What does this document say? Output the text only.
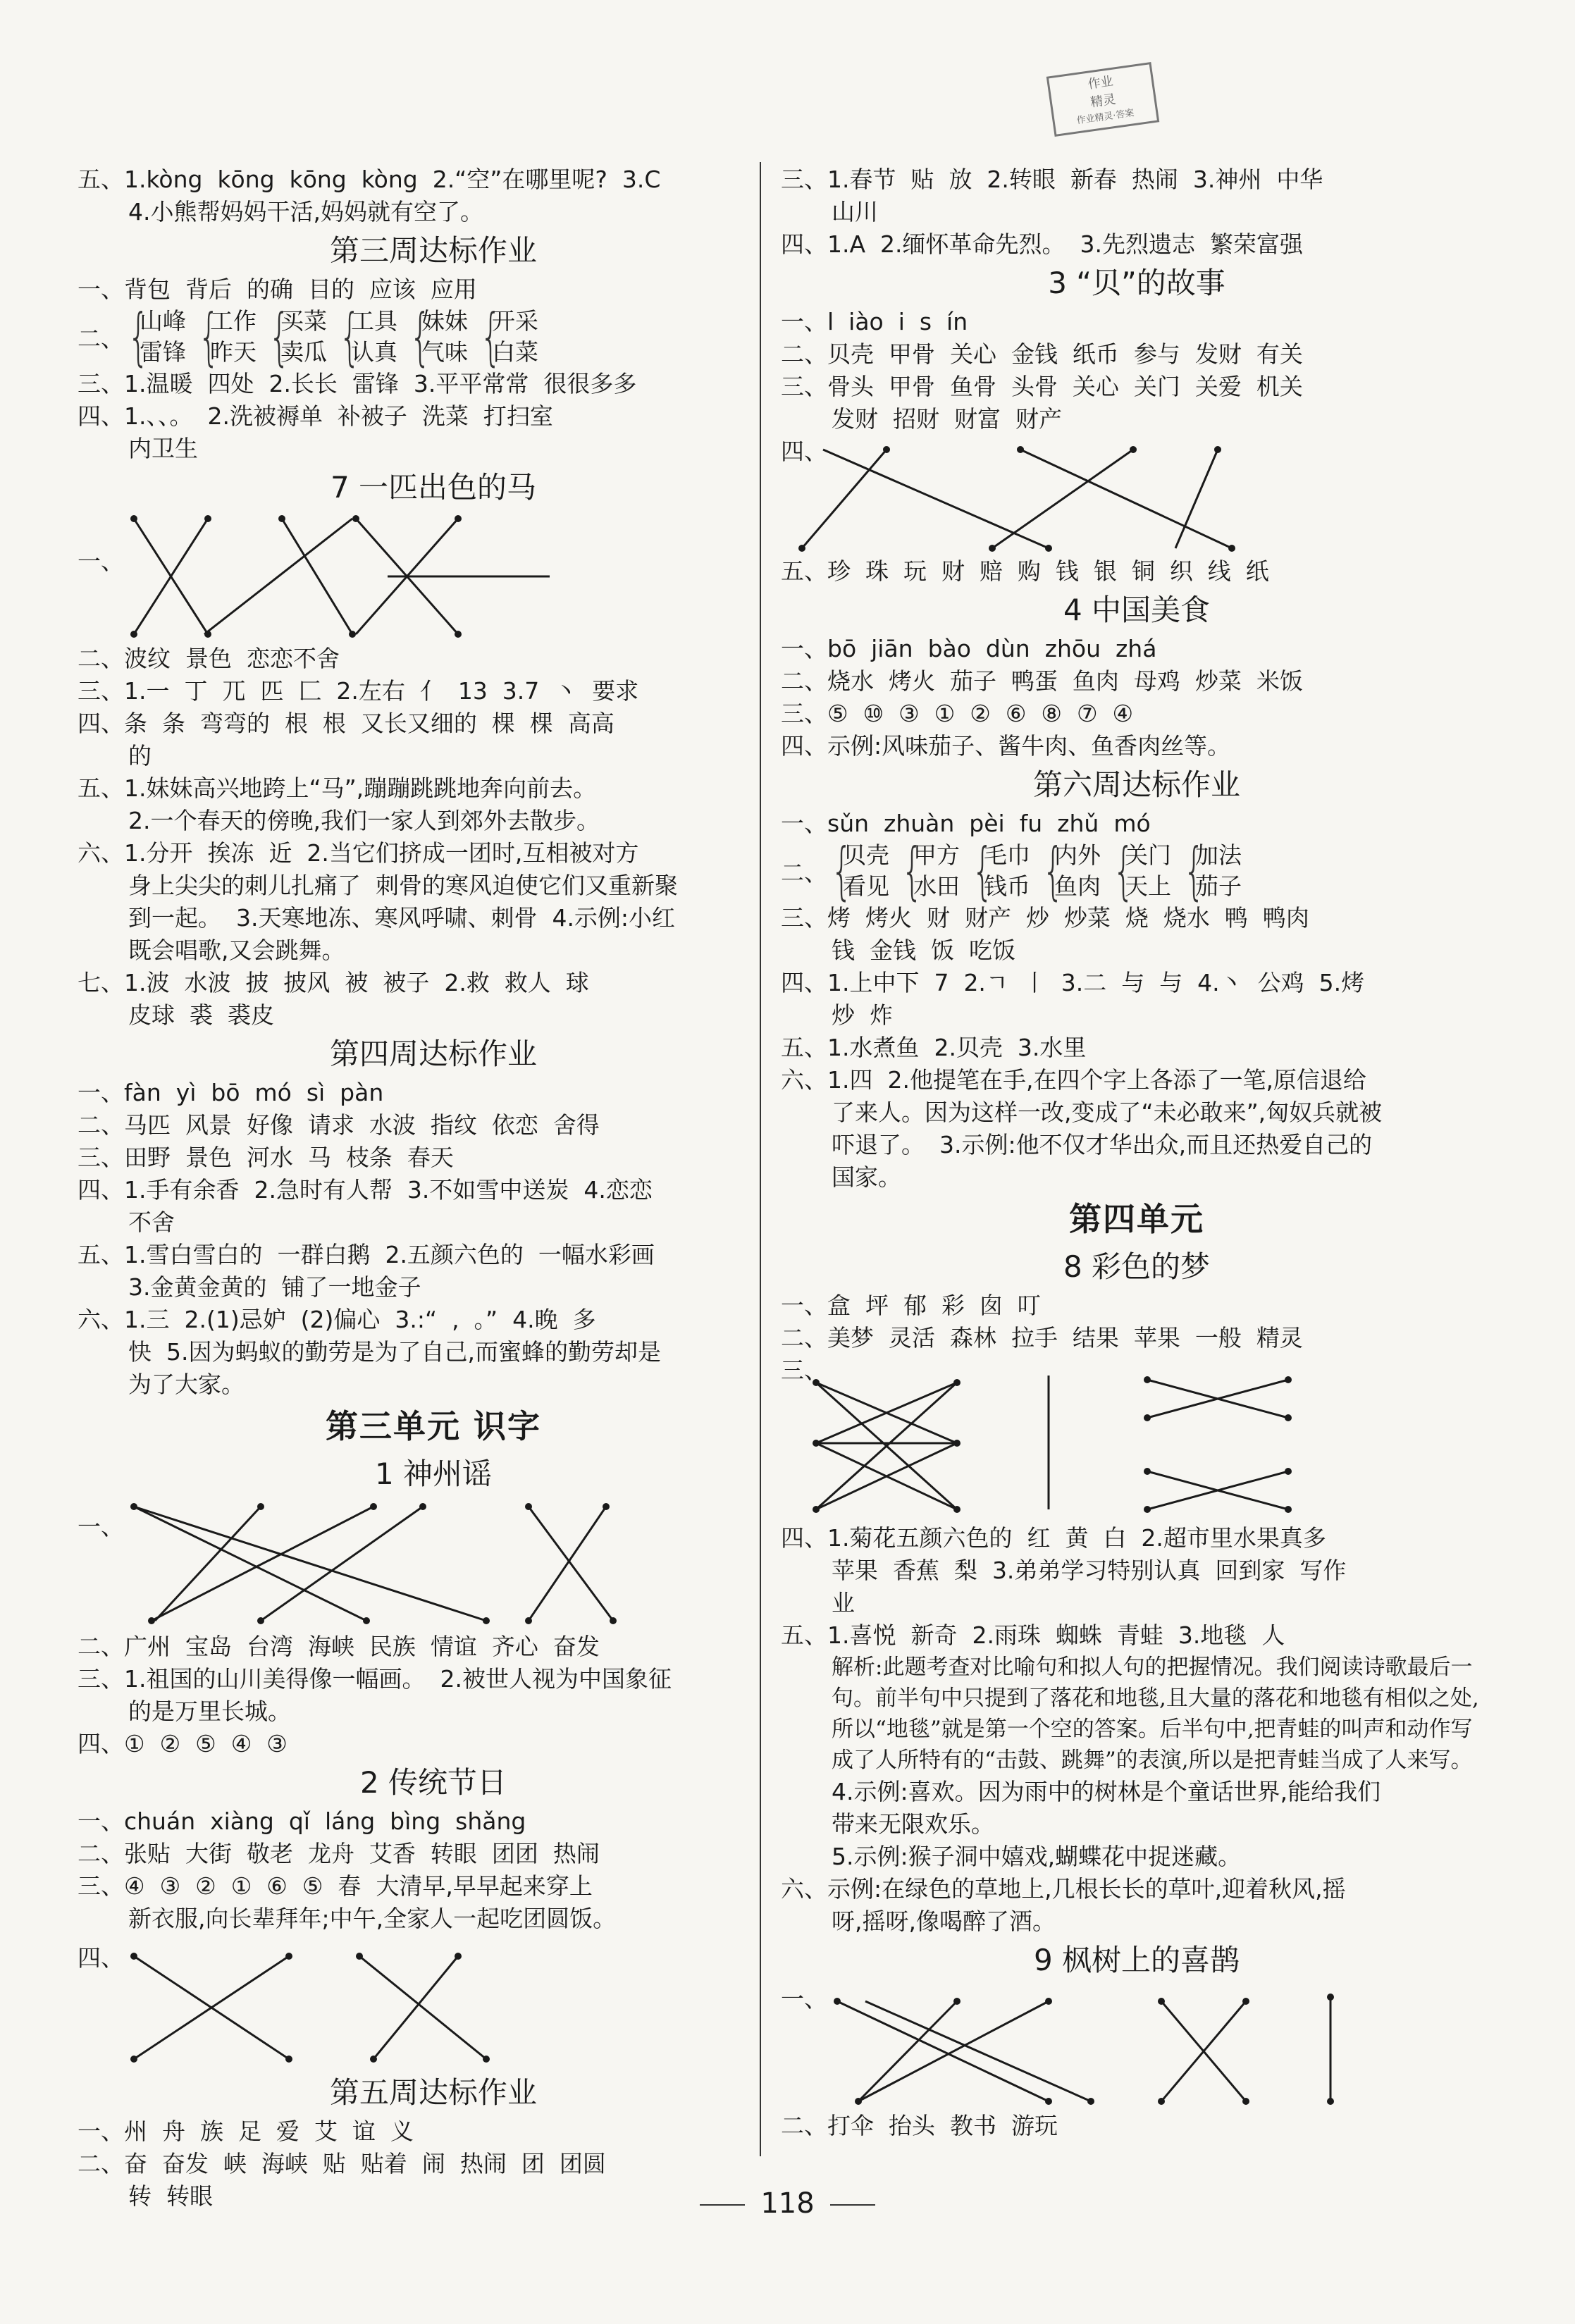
作业
精灵
作业精灵·答案
五、1.kòng  kōng  kōng  kòng  2.“空”在哪里呢?  3.C
4.小熊帮妈妈干活,妈妈就有空了。
第三周达标作业
一、背包  背后  的确  目的  应该  应用
二、 {
山峰
雷锋 {
工作
昨天 {
买菜
卖瓜 {
工具
认真 {
妹妹
气味 {
开采
白菜
三、1.温暖  四处  2.长长  雷锋  3.平平常常  很很多多
四、1.、、。  2.洗被褥单  补被子  洗菜  打扫室
内卫生
7 一匹出色的马
一、
二、波纹  景色  恋恋不舍
三、1.一  丁  兀  匹  匚  2.左右  亻  13  3.7  丶  要求
四、条  条  弯弯的  根  根  又长又细的  棵  棵  高高
的
五、1.妹妹高兴地跨上“马”,蹦蹦跳跳地奔向前去。
2.一个春天的傍晚,我们一家人到郊外去散步。
六、1.分开  挨冻  近  2.当它们挤成一团时,互相被对方
身上尖尖的刺儿扎痛了  刺骨的寒风迫使它们又重新聚
到一起。  3.天寒地冻、寒风呼啸、刺骨  4.示例:小红
既会唱歌,又会跳舞。
七、1.波  水波  披  披风  被  被子  2.救  救人  球
皮球  裘  裘皮
第四周达标作业
一、fàn  yì  bō  mó  sì  pàn
二、马匹  风景  好像  请求  水波  指纹  依恋  舍得
三、田野  景色  河水  马  枝条  春天
四、1.手有余香  2.急时有人帮  3.不如雪中送炭  4.恋恋
不舍
五、1.雪白雪白的  一群白鹅  2.五颜六色的  一幅水彩画
3.金黄金黄的  铺了一地金子
六、1.三  2.(1)忌妒  (2)偏心  3.:“  ,  。”  4.晚  多
快  5.因为蚂蚁的勤劳是为了自己,而蜜蜂的勤劳却是
为了大家。
第三单元 识字
1 神州谣
一、
二、广州  宝岛  台湾  海峡  民族  情谊  齐心  奋发
三、1.祖国的山川美得像一幅画。  2.被世人视为中国象征
的是万里长城。
四、①  ②  ⑤  ④  ③
2 传统节日
一、chuán  xiàng  qǐ  láng  bìng  shǎng
二、张贴  大街  敬老  龙舟  艾香  转眼  团团  热闹
三、④  ③  ②  ①  ⑥  ⑤  春  大清早,早早起来穿上
新衣服,向长辈拜年;中午,全家人一起吃团圆饭。
四、
第五周达标作业
一、州  舟  族  足  爱  艾  谊  义
二、奋  奋发  峡  海峡  贴  贴着  闹  热闹  团  团圆
转  转眼
三、1.春节  贴  放  2.转眼  新春  热闹  3.神州  中华
山川
四、1.A  2.缅怀革命先烈。  3.先烈遗志  繁荣富强
3 “贝”的故事
一、l  iào  i  s  ín
二、贝壳  甲骨  关心  金钱  纸币  参与  发财  有关
三、骨头  甲骨  鱼骨  头骨  关心  关门  关爱  机关
发财  招财  财富  财产
四、
五、珍  珠  玩  财  赔  购  钱  银  铜  织  线  纸
4 中国美食
一、bō  jiān  bào  dùn  zhōu  zhá
二、烧水  烤火  茄子  鸭蛋  鱼肉  母鸡  炒菜  米饭
三、⑤  ⑩  ③  ①  ②  ⑥  ⑧  ⑦  ④
四、示例:风味茄子、酱牛肉、鱼香肉丝等。
第六周达标作业
一、sǔn  zhuàn  pèi  fu  zhǔ  mó
二、 {
贝壳
看见 {
甲方
水田 {
毛巾
钱币 {
内外
鱼肉 {
关门
天上 {
加法
茄子
三、烤  烤火  财  财产  炒  炒菜  烧  烧水  鸭  鸭肉
钱  金钱  饭  吃饭
四、1.上中下  7  2.ㄱ  丨  3.二  与  与  4.丶  公鸡  5.烤
炒  炸
五、1.水煮鱼  2.贝壳  3.水里
六、1.四  2.他提笔在手,在四个字上各添了一笔,原信退给
了来人。因为这样一改,变成了“未必敢来”,匈奴兵就被
吓退了。  3.示例:他不仅才华出众,而且还热爱自己的
国家。
第四单元
8 彩色的梦
一、盒  坪  郁  彩  囱  叮
二、美梦  灵活  森林  拉手  结果  苹果  一般  精灵
三、
四、1.菊花五颜六色的  红  黄  白  2.超市里水果真多
苹果  香蕉  梨  3.弟弟学习特别认真  回到家  写作
业
五、1.喜悦  新奇  2.雨珠  蜘蛛  青蛙  3.地毯  人
解析:此题考查对比喻句和拟人句的把握情况。我们阅读诗歌最后一句。前半句中只提到了落花和地毯,且大量的落花和地毯有相似之处,所以“地毯”就是第一个空的答案。后半句中,把青蛙的叫声和动作写成了人所特有的“击鼓、跳舞”的表演,所以是把青蛙当成了人来写。
4.示例:喜欢。因为雨中的树林是个童话世界,能给我们
带来无限欢乐。
5.示例:猴子洞中嬉戏,蝴蝶花中捉迷藏。
六、示例:在绿色的草地上,几根长长的草叶,迎着秋风,摇
呀,摇呀,像喝醉了酒。
9 枫树上的喜鹊
一、
二、打伞  抬头  教书  游玩
118
